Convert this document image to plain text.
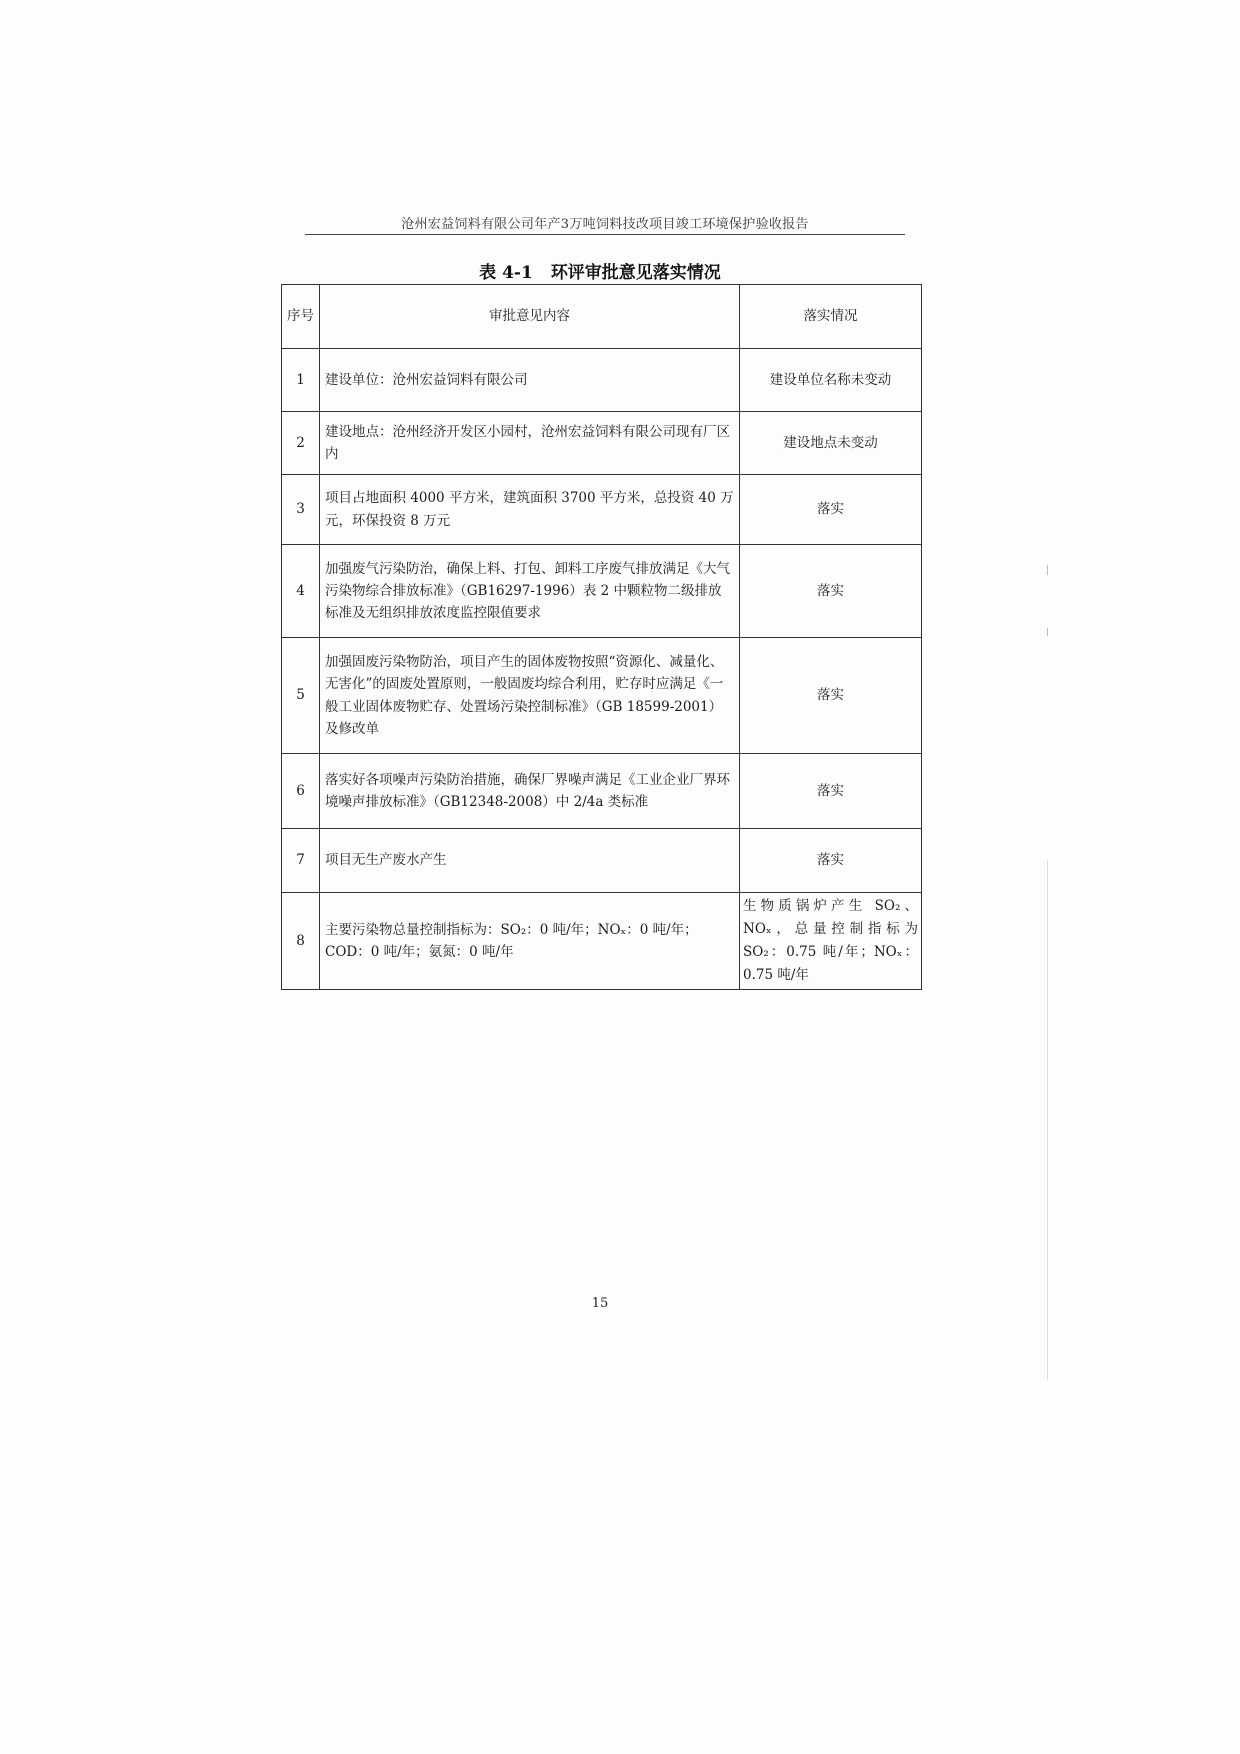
沧州宏益饲料有限公司年产3万吨饲料技改项目竣工环境保护验收报告
表 4-1 环评审批意见落实情况
序号	审批意见内容	落实情况
1	建设单位：沧州宏益饲料有限公司	建设单位名称未变动
2	建设地点：沧州经济开发区小园村，沧州宏益饲料有限公司现有厂区内	建设地点未变动
3	项目占地面积 4000 平方米，建筑面积 3700 平方米，总投资 40 万元，环保投资 8 万元	落实
4	加强废气污染防治，确保上料、打包、卸料工序废气排放满足《大气污染物综合排放标准》（GB16297-1996）表 2 中颗粒物二级排放标准及无组织排放浓度监控限值要求	落实
5	加强固废污染物防治，项目产生的固体废物按照“资源化、减量化、无害化”的固废处置原则，一般固废均综合利用，贮存时应满足《一般工业固体废物贮存、处置场污染控制标准》（GB 18599-2001）及修改单	落实
6	落实好各项噪声污染防治措施，确保厂界噪声满足《工业企业厂界环境噪声排放标准》（GB12348-2008）中 2/4a 类标准	落实
7	项目无生产废水产生	落实
8	主要污染物总量控制指标为：SO₂：0 吨/年；NOₓ：0 吨/年；COD：0 吨/年；氨氮：0 吨/年	生物质锅炉产生 SO₂、NOₓ，总量控制指标为 SO₂：0.75 吨/年；NOₓ：0.75 吨/年
15
